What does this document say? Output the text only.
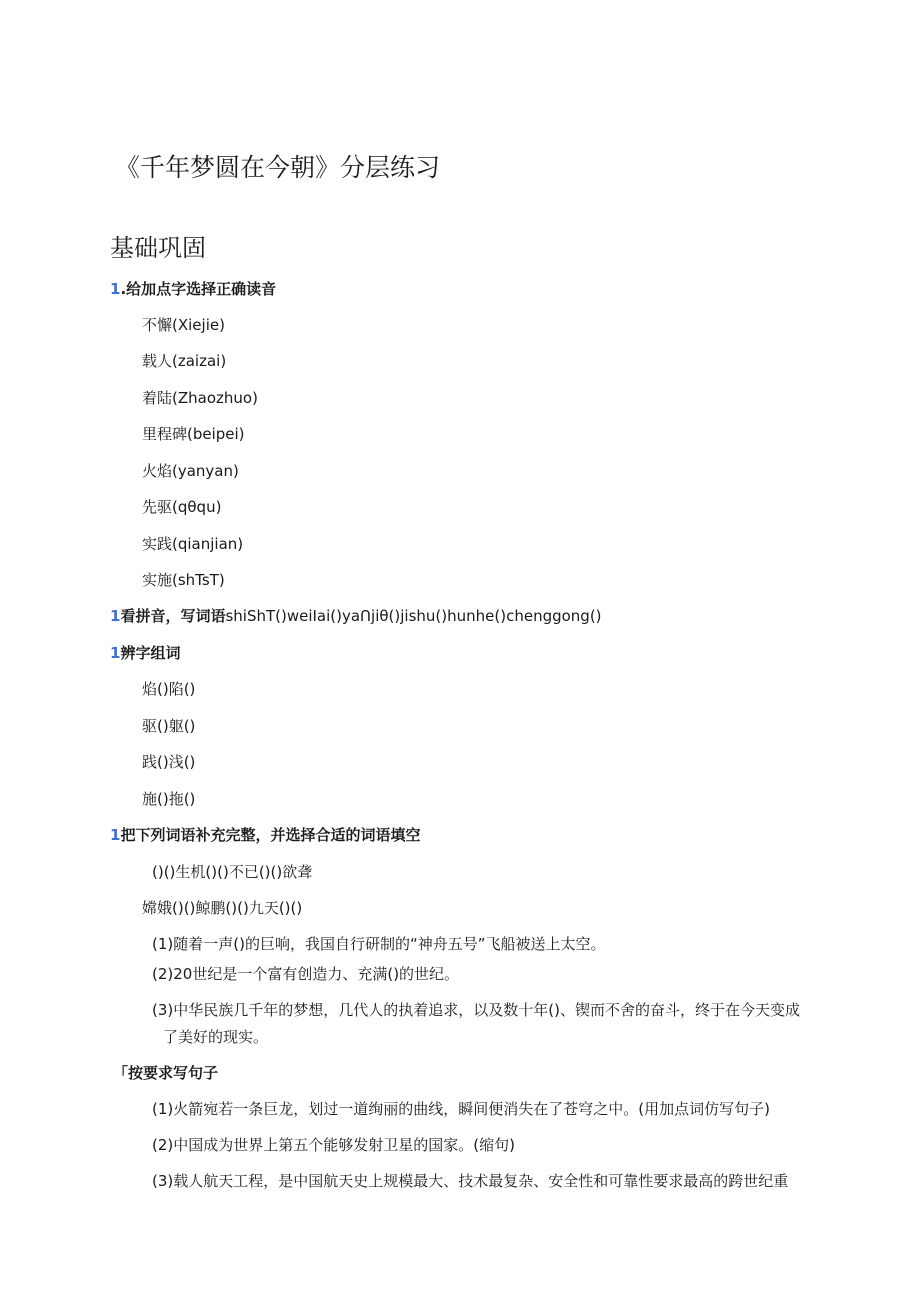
《千年梦圆在今朝》分层练习
基础巩固
1.给加点字选择正确读音
不懈(Xiejie)
载人(zaizai)
着陆(Zhaozhuo)
里程碑(beipei)
火焰(yanyan)
先驱(qθqu)
实践(qianjian)
实施(shTsT)
1看拼音，写词语shiShT()weiIai()yaꓵjiθ()jishu()hunhe()chenggong()
1辨字组词
焰()陷()
驱()躯()
践()浅()
施()拖()
1把下列词语补充完整，并选择合适的词语填空
()()生机()()不已()()欲聋
嫦娥()()鲸鹏()()九天()()
(1)随着一声()的巨响，我国自行研制的“神舟五号”飞船被送上太空。
(2)20世纪是一个富有创造力、充满()的世纪。
(3)中华民族几千年的梦想，几代人的执着追求，以及数十年()、锲而不舍的奋斗，终于在今天变成
了美好的现实。
「按要求写句子
(1)火箭宛若一条巨龙，划过一道绚丽的曲线，瞬间便消失在了苍穹之中。(用加点词仿写句子)
(2)中国成为世界上第五个能够发射卫星的国家。(缩句)
(3)载人航天工程，是中国航天史上规模最大、技术最复杂、安全性和可靠性要求最高的跨世纪重
